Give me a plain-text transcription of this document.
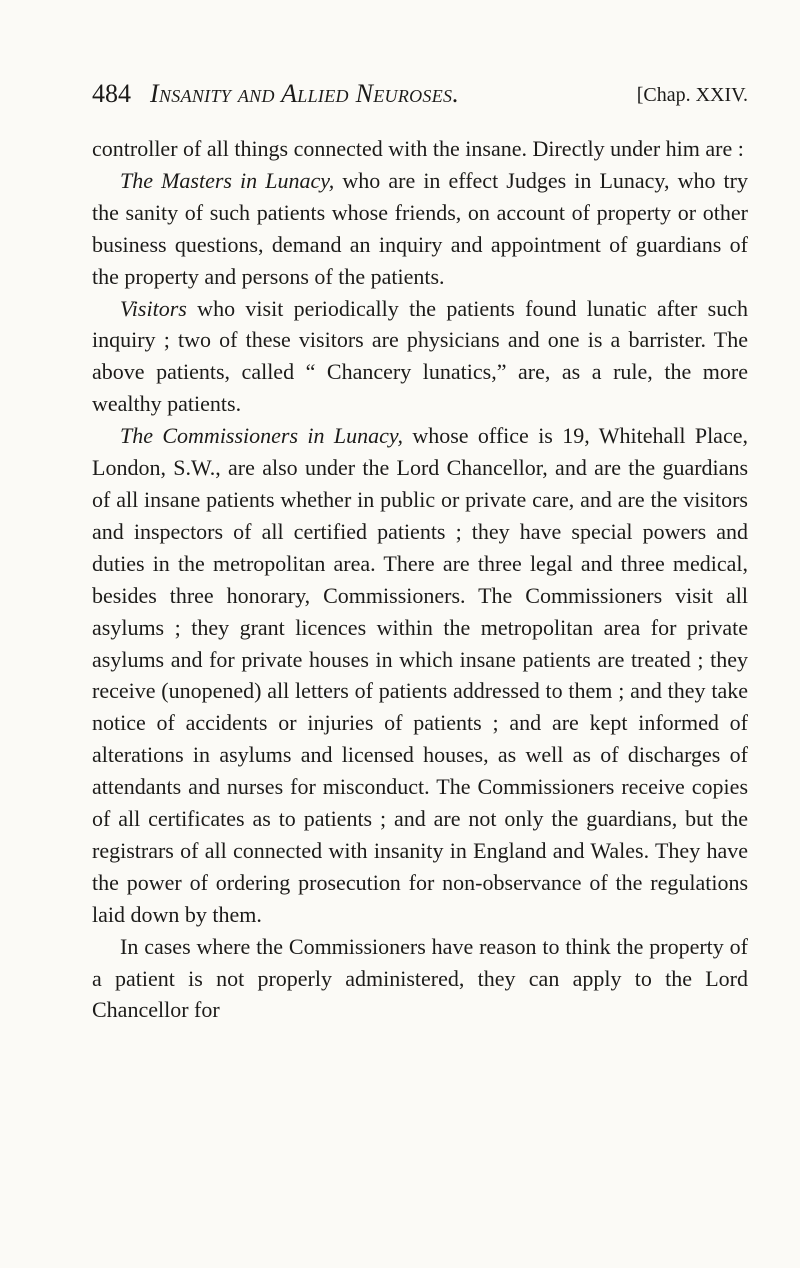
484 Insanity and Allied Neuroses.	[Chap. XXIV.

controller of all things connected with the insane. Directly under him are :

The Masters in Lunacy, who are in effect Judges in Lunacy, who try the sanity of such patients whose friends, on account of property or other business questions, demand an inquiry and appointment of guardians of the property and persons of the patients.

Visitors who visit periodically the patients found lunatic after such inquiry ; two of these visitors are physicians and one is a barrister. The above patients, called “ Chancery lunatics,” are, as a rule, the more wealthy patients.

The Commissioners in Lunacy, whose office is 19, Whitehall Place, London, S.W., are also under the Lord Chancellor, and are the guardians of all insane patients whether in public or private care, and are the visitors and inspectors of all certified patients ; they have special powers and duties in the metropolitan area. There are three legal and three medical, besides three honorary, Commissioners. The Commissioners visit all asylums ; they grant licences within the metropolitan area for private asylums and for private houses in which insane patients are treated ; they receive (unopened) all letters of patients addressed to them ; and they take notice of accidents or injuries of patients ; and are kept informed of alterations in asylums and licensed houses, as well as of discharges of attendants and nurses for misconduct. The Commissioners receive copies of all certificates as to patients ; and are not only the guardians, but the registrars of all connected with insanity in England and Wales. They have the power of ordering prosecution for non-observance of the regulations laid down by them.

In cases where the Commissioners have reason to think the property of a patient is not properly administered, they can apply to the Lord Chancellor for
